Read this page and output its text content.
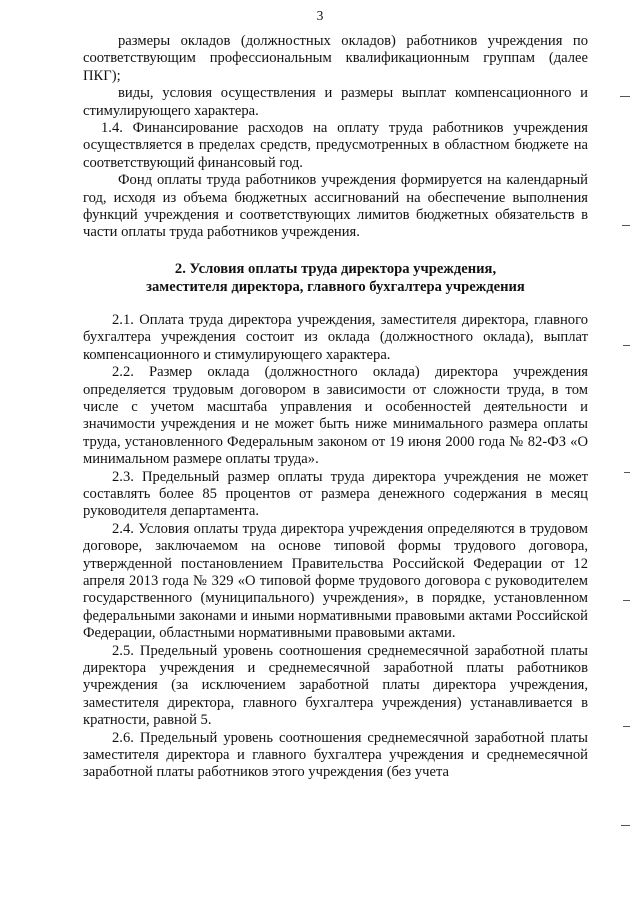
3

размеры окладов (должностных окладов) работников учреждения по соответствующим профессиональным квалификационным группам (далее ПКГ);

виды, условия осуществления и размеры выплат компенсационного и стимулирующего характера.

1.4. Финансирование расходов на оплату труда работников учреждения осуществляется в пределах средств, предусмотренных в областном бюджете на соответствующий финансовый год.

Фонд оплаты труда работников учреждения формируется на календарный год, исходя из объема бюджетных ассигнований на обеспечение выполнения функций учреждения и соответствующих лимитов бюджетных обязательств в части оплаты труда работников учреждения.

2. Условия оплаты труда директора учреждения,
заместителя директора, главного бухгалтера учреждения

2.1. Оплата труда директора учреждения, заместителя директора, главного бухгалтера учреждения состоит из оклада (должностного оклада), выплат компенсационного и стимулирующего характера.

2.2. Размер оклада (должностного оклада) директора учреждения определяется трудовым договором в зависимости от сложности труда, в том числе с учетом масштаба управления и особенностей деятельности и значимости учреждения и не может быть ниже минимального размера оплаты труда, установленного Федеральным законом от 19 июня 2000 года № 82-ФЗ «О минимальном размере оплаты труда».

2.3. Предельный размер оплаты труда директора учреждения не может составлять более 85 процентов от размера денежного содержания в месяц руководителя департамента.

2.4. Условия оплаты труда директора учреждения определяются в трудовом договоре, заключаемом на основе типовой формы трудового договора, утвержденной постановлением Правительства Российской Федерации от 12 апреля 2013 года № 329 «О типовой форме трудового договора с руководителем государственного (муниципального) учреждения», в порядке, установленном федеральными законами и иными нормативными правовыми актами Российской Федерации, областными нормативными правовыми актами.

2.5. Предельный уровень соотношения среднемесячной заработной платы директора учреждения и среднемесячной заработной платы работников учреждения (за исключением заработной платы директора учреждения, заместителя директора, главного бухгалтера учреждения) устанавливается в кратности, равной 5.

2.6. Предельный уровень соотношения среднемесячной заработной платы заместителя директора и главного бухгалтера учреждения и среднемесячной заработной платы работников этого учреждения (без учета
